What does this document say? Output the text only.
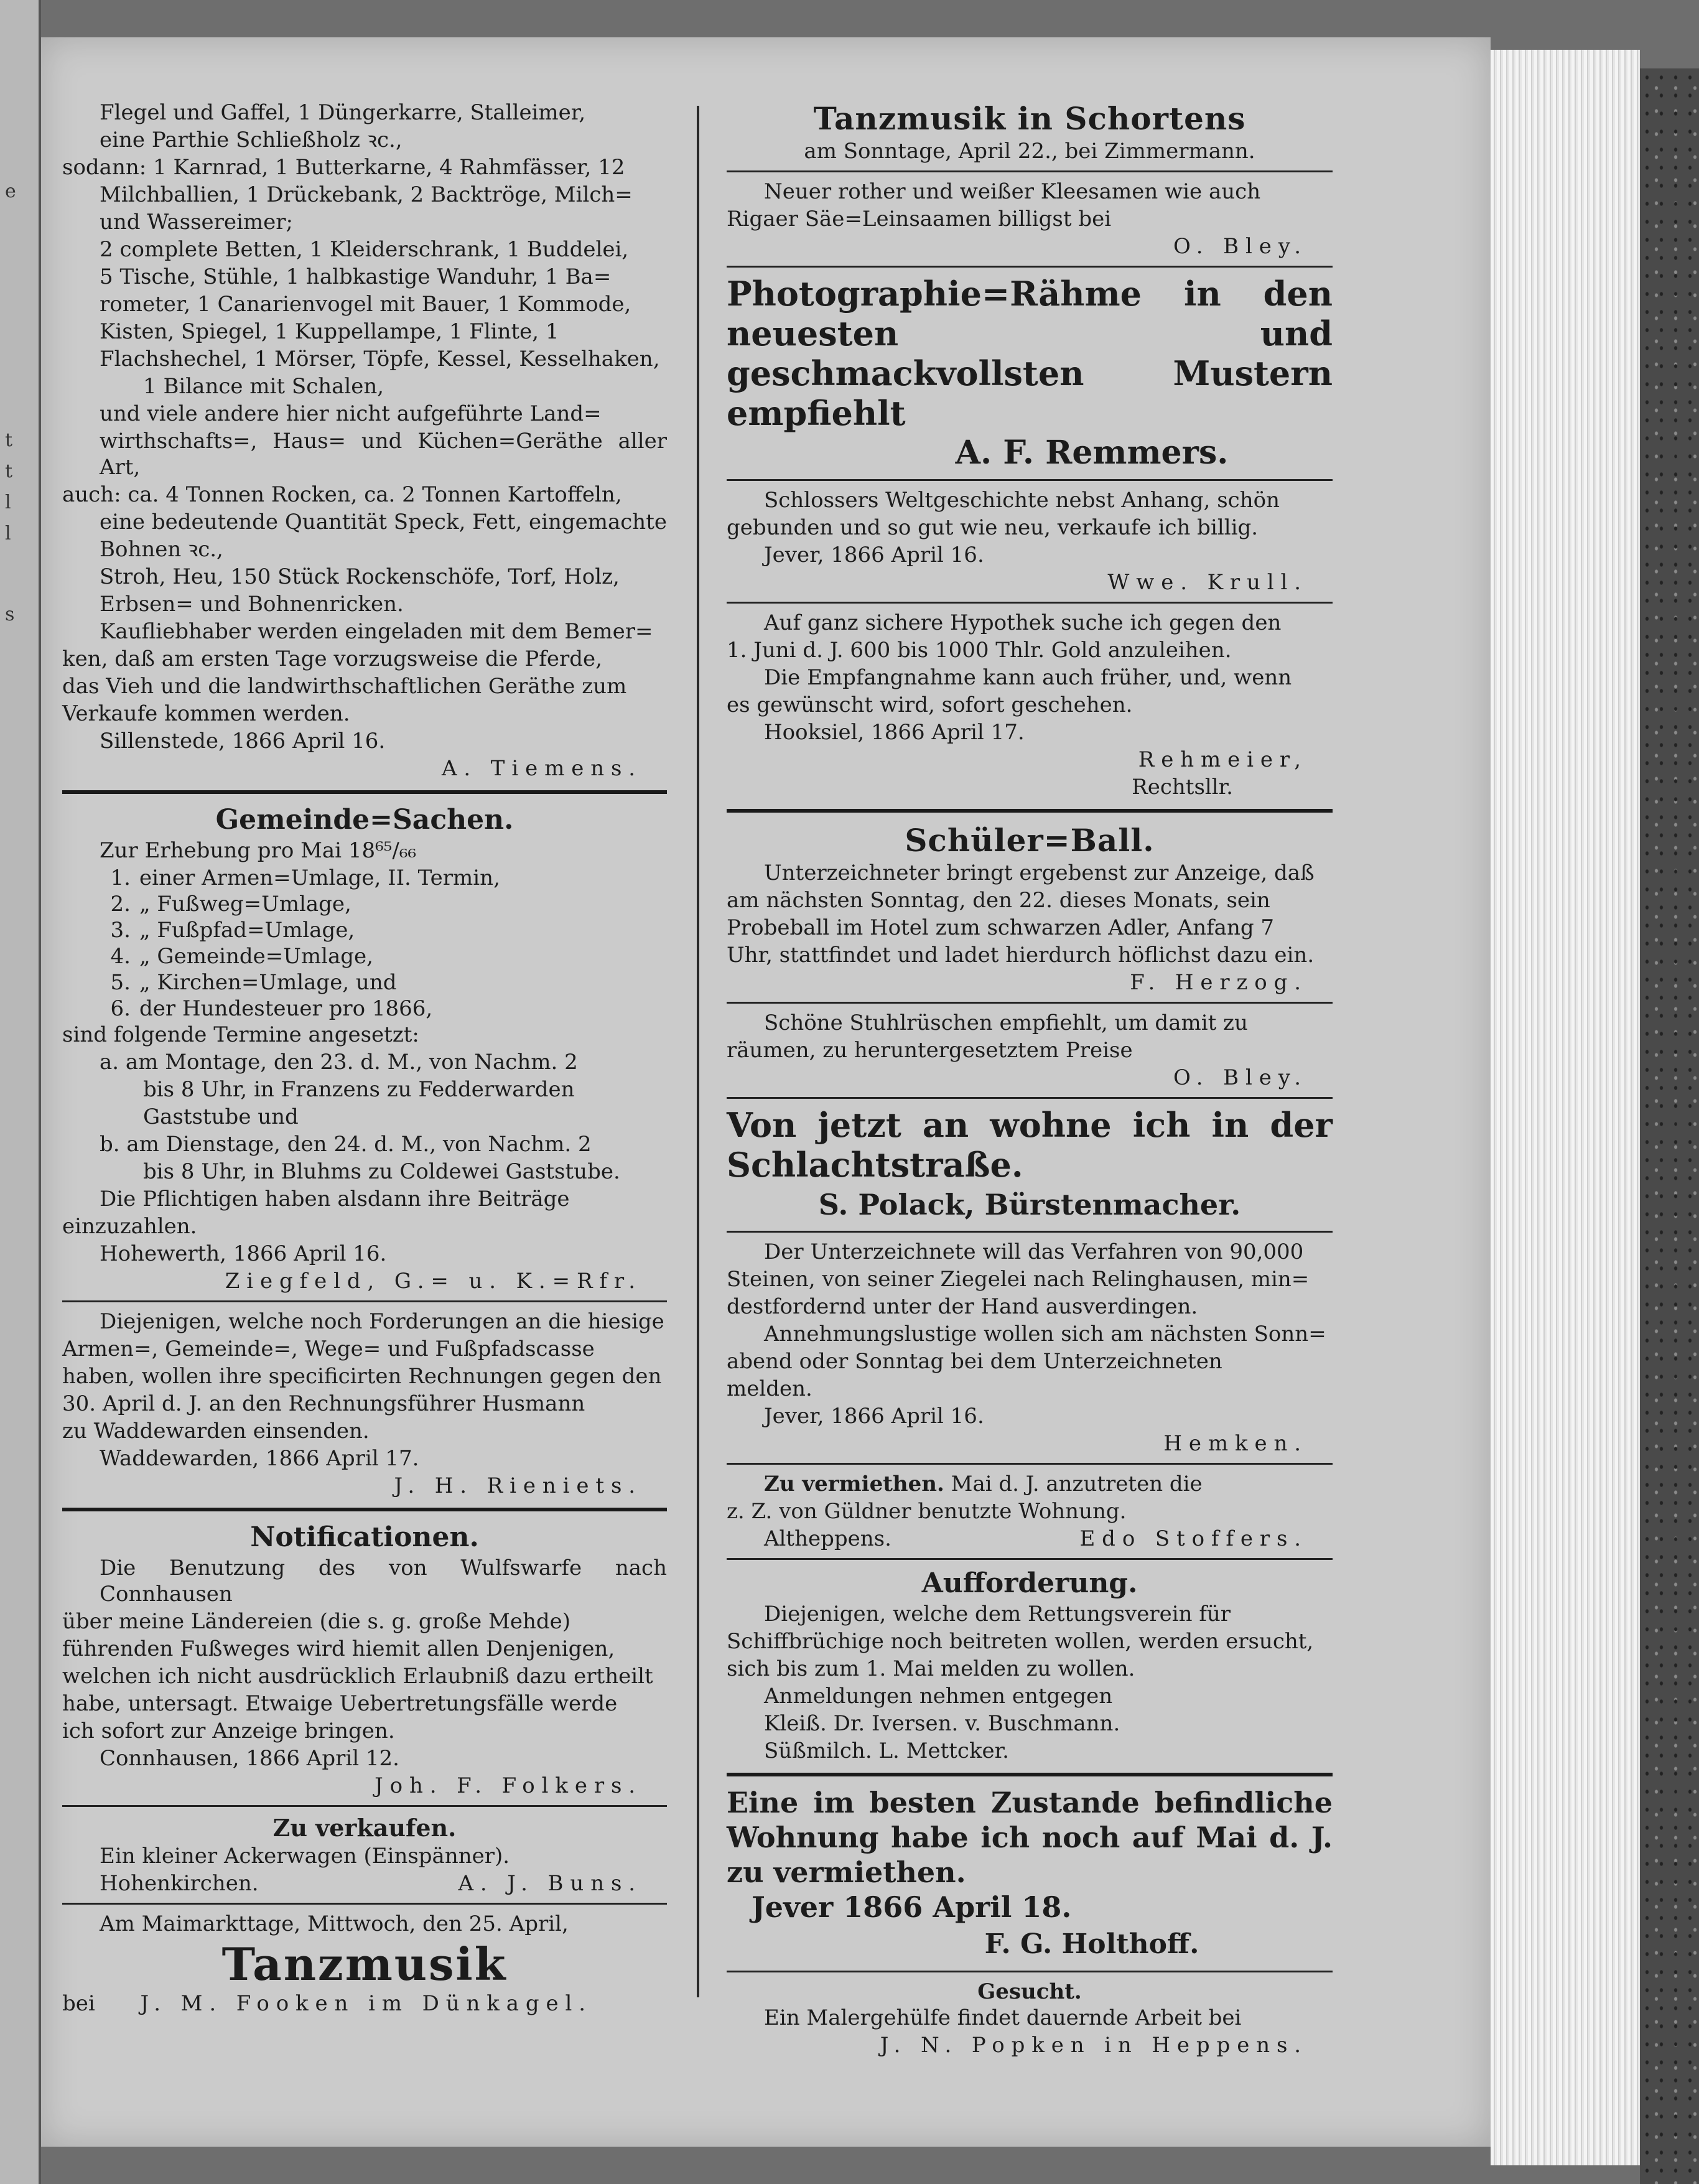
e
t
t
l
l
s
Flegel und Gaffel, 1 Düngerkarre, Stalleimer,
eine Parthie Schließholz ꝛc.,
sodann: 1 Karnrad, 1 Butterkarne, 4 Rahmfässer, 12
Milchballien, 1 Drückebank, 2 Backtröge, Milch=
und Wassereimer;
2 complete Betten, 1 Kleiderschrank, 1 Buddelei,
5 Tische, Stühle, 1 halbkastige Wanduhr, 1 Ba=
rometer, 1 Canarienvogel mit Bauer, 1 Kommode,
Kisten, Spiegel, 1 Kuppellampe, 1 Flinte, 1
Flachshechel, 1 Mörser, Töpfe, Kessel, Kesselhaken,
1 Bilance mit Schalen,
und viele andere hier nicht aufgeführte Land=
wirthschafts=, Haus= und Küchen=Geräthe aller Art,
auch: ca. 4 Tonnen Rocken, ca. 2 Tonnen Kartoffeln,
eine bedeutende Quantität Speck, Fett, eingemachte
Bohnen ꝛc.,
Stroh, Heu, 150 Stück Rockenschöfe, Torf, Holz,
Erbsen= und Bohnenricken.
Kaufliebhaber werden eingeladen mit dem Bemer=
ken, daß am ersten Tage vorzugsweise die Pferde,
das Vieh und die landwirthschaftlichen Geräthe zum
Verkaufe kommen werden.
Sillenstede, 1866 April 16.
A. Tiemens.
Gemeinde=Sachen.
Zur Erhebung pro Mai 18⁶⁵/₆₆
1. einer Armen=Umlage, II. Termin,
2. „ Fußweg=Umlage,
3. „ Fußpfad=Umlage,
4. „ Gemeinde=Umlage,
5. „ Kirchen=Umlage, und
6. der Hundesteuer pro 1866,
sind folgende Termine angesetzt:
a. am Montage, den 23. d. M., von Nachm. 2
bis 8 Uhr, in Franzens zu Fedderwarden
Gaststube und
b. am Dienstage, den 24. d. M., von Nachm. 2
bis 8 Uhr, in Bluhms zu Coldewei Gaststube.
Die Pflichtigen haben alsdann ihre Beiträge
einzuzahlen.
Hohewerth, 1866 April 16.
Ziegfeld, G.= u. K.=Rfr.
Diejenigen, welche noch Forderungen an die hiesige
Armen=, Gemeinde=, Wege= und Fußpfadscasse
haben, wollen ihre specificirten Rechnungen gegen den
30. April d. J. an den Rechnungsführer Husmann
zu Waddewarden einsenden.
Waddewarden, 1866 April 17.
J. H. Rieniets.
Notificationen.
Die Benutzung des von Wulfswarfe nach Connhausen
über meine Ländereien (die s. g. große Mehde)
führenden Fußweges wird hiemit allen Denjenigen,
welchen ich nicht ausdrücklich Erlaubniß dazu ertheilt
habe, untersagt. Etwaige Uebertretungsfälle werde
ich sofort zur Anzeige bringen.
Connhausen, 1866 April 12.
Joh. F. Folkers.
Zu verkaufen.
Ein kleiner Ackerwagen (Einspänner).
Hohenkirchen.	A. J. Buns.
Am Maimarkttage, Mittwoch, den 25. April,
Tanzmusik
bei J. M. Fooken im Dünkagel.
Tanzmusik in Schortens
am Sonntage, April 22., bei Zimmermann.
Neuer rother und weißer Kleesamen wie auch
Rigaer Säe=Leinsaamen billigst bei
O. Bley.
Photographie=Rähme in den neuesten und geschmackvollsten Mustern empfiehlt
A. F. Remmers.
Schlossers Weltgeschichte nebst Anhang, schön
gebunden und so gut wie neu, verkaufe ich billig.
Jever, 1866 April 16.
Wwe. Krull.
Auf ganz sichere Hypothek suche ich gegen den
1. Juni d. J. 600 bis 1000 Thlr. Gold anzuleihen.
Die Empfangnahme kann auch früher, und, wenn
es gewünscht wird, sofort geschehen.
Hooksiel, 1866 April 17.
Rehmeier,
Rechtsllr.
Schüler=Ball.
Unterzeichneter bringt ergebenst zur Anzeige, daß
am nächsten Sonntag, den 22. dieses Monats, sein
Probeball im Hotel zum schwarzen Adler, Anfang 7
Uhr, stattfindet und ladet hierdurch höflichst dazu ein.
F. Herzog.
Schöne Stuhlrüschen empfiehlt, um damit zu
räumen, zu heruntergesetztem Preise
O. Bley.
Von jetzt an wohne ich in der Schlachtstraße.
S. Polack, Bürstenmacher.
Der Unterzeichnete will das Verfahren von 90,000
Steinen, von seiner Ziegelei nach Relinghausen, min=
destfordernd unter der Hand ausverdingen.
Annehmungslustige wollen sich am nächsten Sonn=
abend oder Sonntag bei dem Unterzeichneten
melden.
Jever, 1866 April 16.
Hemken.
Zu vermiethen. Mai d. J. anzutreten die
z. Z. von Güldner benutzte Wohnung.
Altheppens.	Edo Stoffers.
Aufforderung.
Diejenigen, welche dem Rettungsverein für
Schiffbrüchige noch beitreten wollen, werden ersucht,
sich bis zum 1. Mai melden zu wollen.
Anmeldungen nehmen entgegen
Kleiß. Dr. Iversen. v. Buschmann.
Süßmilch. L. Mettcker.
Eine im besten Zustande befindliche Wohnung habe ich noch auf Mai d. J. zu vermiethen.
Jever 1866 April 18.
F. G. Holthoff.
Gesucht.
Ein Malergehülfe findet dauernde Arbeit bei
J. N. Popken in Heppens.
